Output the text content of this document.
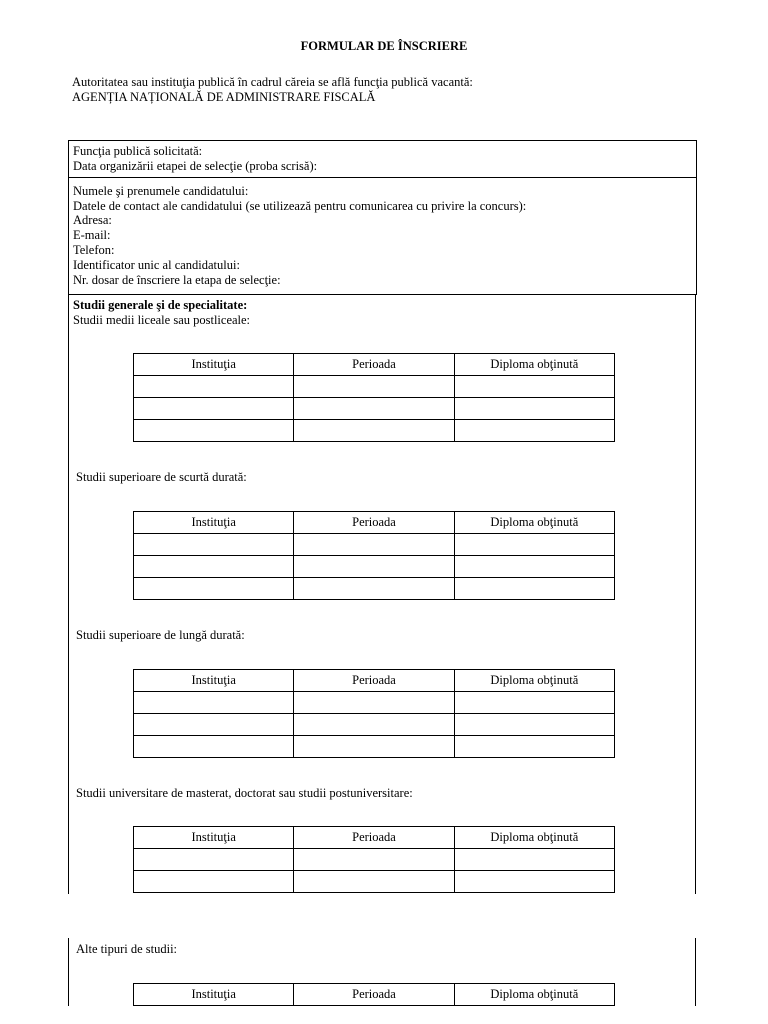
FORMULAR DE ÎNSCRIERE
Autoritatea sau instituţia publică în cadrul căreia se află funcţia publică vacantă:
AGENȚIA NAȚIONALĂ DE ADMINISTRARE FISCALĂ
Funcţia publică solicitată:
Data organizării etapei de selecţie (proba scrisă):
Numele şi prenumele candidatului:
Datele de contact ale candidatului (se utilizează pentru comunicarea cu privire la concurs):
Adresa:
E-mail:
Telefon:
Identificator unic al candidatului:
Nr. dosar de înscriere la etapa de selecţie:
Studii generale şi de specialitate:
Studii medii liceale sau postliceale:
Instituţia	Perioada	Diploma obţinută

Studii superioare de scurtă durată:
Instituţia	Perioada	Diploma obţinută

Studii superioare de lungă durată:
Instituţia	Perioada	Diploma obţinută

Studii universitare de masterat, doctorat sau studii postuniversitare:
Instituţia	Perioada	Diploma obţinută

Alte tipuri de studii:
Instituţia	Perioada	Diploma obţinută
